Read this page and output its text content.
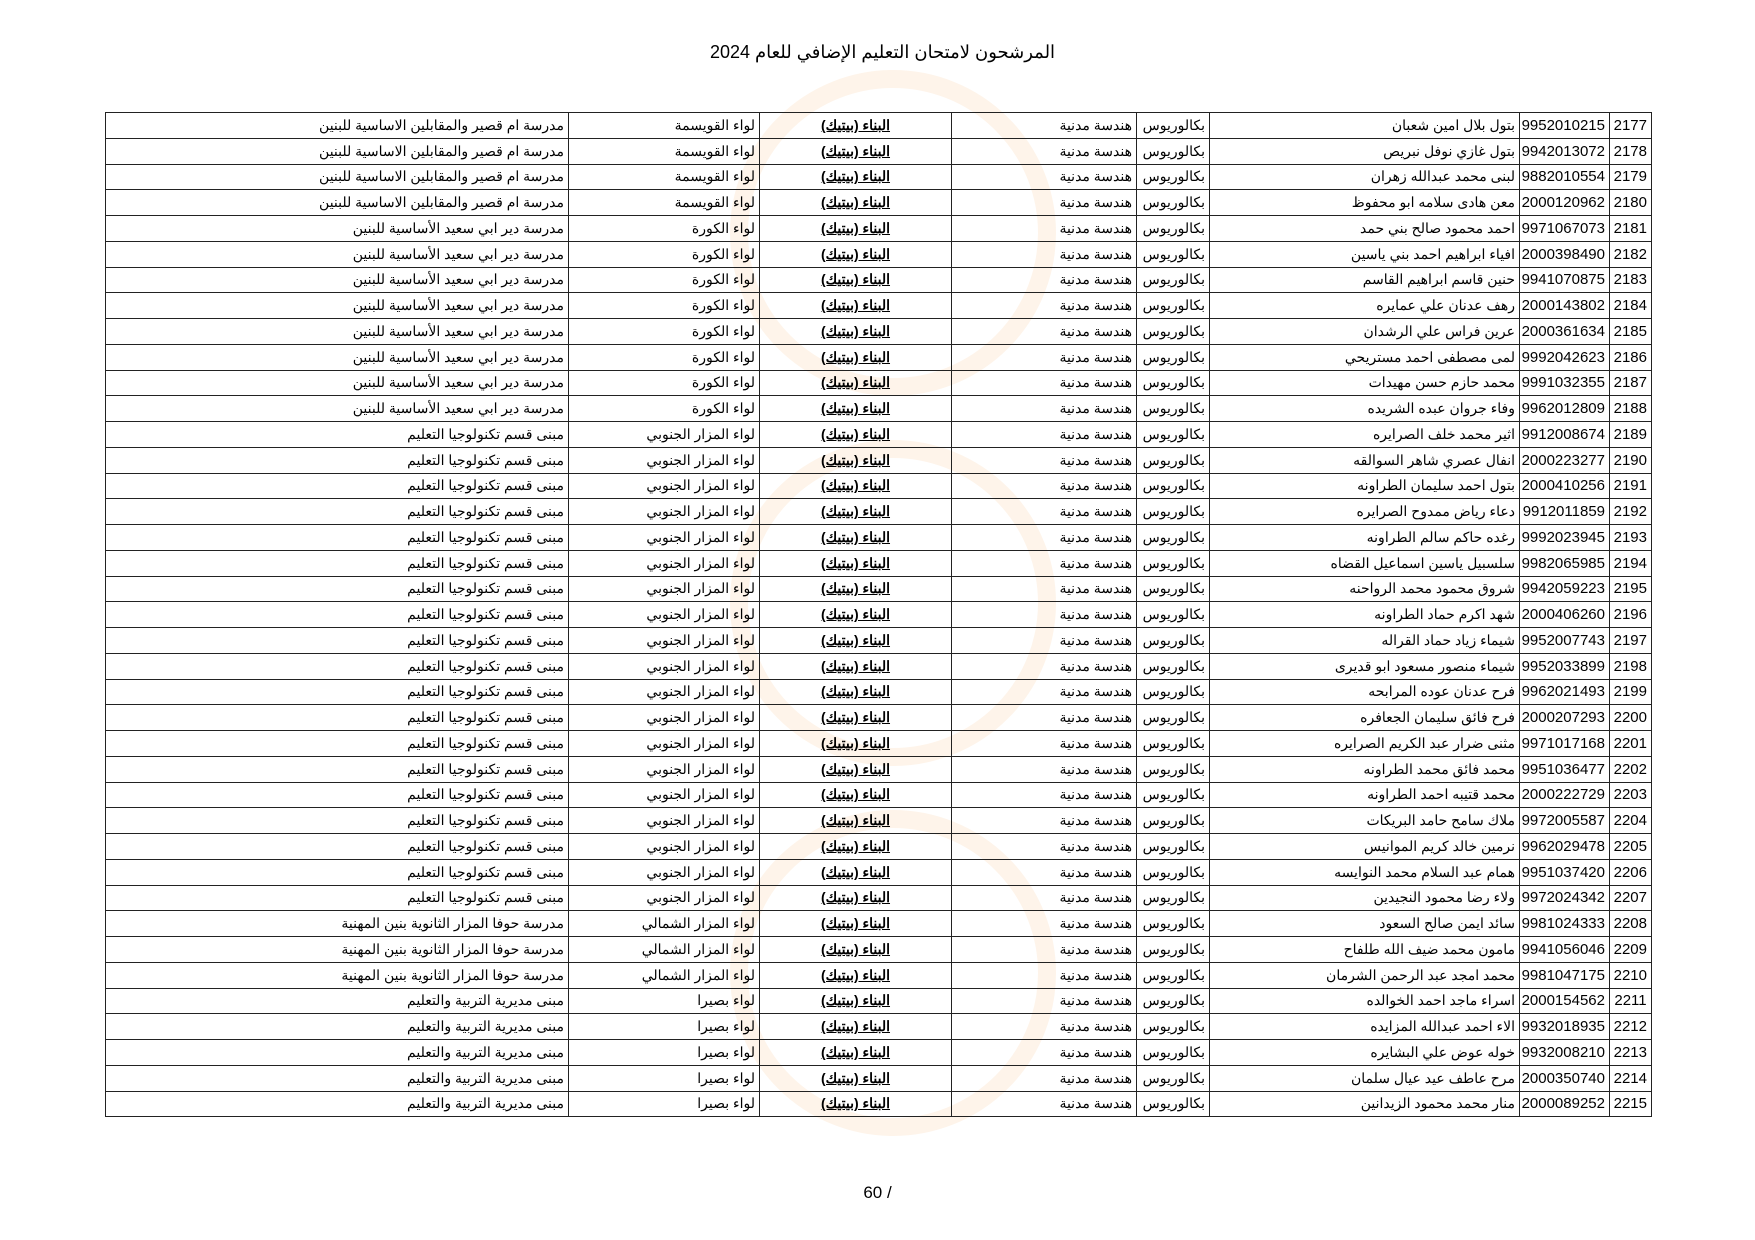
المرشحون لامتحان التعليم الإضافي للعام 2024
2177	9952010215	بتول بلال امين شعبان	بكالوريوس	هندسة مدنية	البناء (بيتيك)	لواء القويسمة	مدرسة ام قصير والمقابلين الاساسية للبنين
2178	9942013072	بتول غازي نوفل نبريص	بكالوريوس	هندسة مدنية	البناء (بيتيك)	لواء القويسمة	مدرسة ام قصير والمقابلين الاساسية للبنين
2179	9882010554	لبنى محمد عبدالله زهران	بكالوريوس	هندسة مدنية	البناء (بيتيك)	لواء القويسمة	مدرسة ام قصير والمقابلين الاساسية للبنين
2180	2000120962	معن هادى سلامه ابو محفوظ	بكالوريوس	هندسة مدنية	البناء (بيتيك)	لواء القويسمة	مدرسة ام قصير والمقابلين الاساسية للبنين
2181	9971067073	احمد محمود صالح بني حمد	بكالوريوس	هندسة مدنية	البناء (بيتيك)	لواء الكورة	مدرسة دير ابي سعيد الأساسية للبنين
2182	2000398490	افياء ابراهيم احمد بني ياسين	بكالوريوس	هندسة مدنية	البناء (بيتيك)	لواء الكورة	مدرسة دير ابي سعيد الأساسية للبنين
2183	9941070875	حنين قاسم ابراهيم القاسم	بكالوريوس	هندسة مدنية	البناء (بيتيك)	لواء الكورة	مدرسة دير ابي سعيد الأساسية للبنين
2184	2000143802	رهف عدنان علي عمايره	بكالوريوس	هندسة مدنية	البناء (بيتيك)	لواء الكورة	مدرسة دير ابي سعيد الأساسية للبنين
2185	2000361634	عرين فراس علي الرشدان	بكالوريوس	هندسة مدنية	البناء (بيتيك)	لواء الكورة	مدرسة دير ابي سعيد الأساسية للبنين
2186	9992042623	لمى مصطفى احمد مستريحي	بكالوريوس	هندسة مدنية	البناء (بيتيك)	لواء الكورة	مدرسة دير ابي سعيد الأساسية للبنين
2187	9991032355	محمد حازم حسن مهيدات	بكالوريوس	هندسة مدنية	البناء (بيتيك)	لواء الكورة	مدرسة دير ابي سعيد الأساسية للبنين
2188	9962012809	وفاء جروان عبده الشريده	بكالوريوس	هندسة مدنية	البناء (بيتيك)	لواء الكورة	مدرسة دير ابي سعيد الأساسية للبنين
2189	9912008674	اثير محمد خلف الصرايره	بكالوريوس	هندسة مدنية	البناء (بيتيك)	لواء المزار الجنوبي	مبنى قسم تكنولوجيا التعليم
2190	2000223277	انفال عصري شاهر السوالقه	بكالوريوس	هندسة مدنية	البناء (بيتيك)	لواء المزار الجنوبي	مبنى قسم تكنولوجيا التعليم
2191	2000410256	بتول احمد سليمان الطراونه	بكالوريوس	هندسة مدنية	البناء (بيتيك)	لواء المزار الجنوبي	مبنى قسم تكنولوجيا التعليم
2192	9912011859	دعاء رياض ممدوح الصرايره	بكالوريوس	هندسة مدنية	البناء (بيتيك)	لواء المزار الجنوبي	مبنى قسم تكنولوجيا التعليم
2193	9992023945	رغده حاكم سالم الطراونه	بكالوريوس	هندسة مدنية	البناء (بيتيك)	لواء المزار الجنوبي	مبنى قسم تكنولوجيا التعليم
2194	9982065985	سلسبيل ياسين اسماعيل القضاه	بكالوريوس	هندسة مدنية	البناء (بيتيك)	لواء المزار الجنوبي	مبنى قسم تكنولوجيا التعليم
2195	9942059223	شروق محمود محمد الرواحنه	بكالوريوس	هندسة مدنية	البناء (بيتيك)	لواء المزار الجنوبي	مبنى قسم تكنولوجيا التعليم
2196	2000406260	شهد اكرم حماد الطراونه	بكالوريوس	هندسة مدنية	البناء (بيتيك)	لواء المزار الجنوبي	مبنى قسم تكنولوجيا التعليم
2197	9952007743	شيماء زياد حماد القراله	بكالوريوس	هندسة مدنية	البناء (بيتيك)	لواء المزار الجنوبي	مبنى قسم تكنولوجيا التعليم
2198	9952033899	شيماء منصور مسعود ابو قديرى	بكالوريوس	هندسة مدنية	البناء (بيتيك)	لواء المزار الجنوبي	مبنى قسم تكنولوجيا التعليم
2199	9962021493	فرح عدنان عوده المرابحه	بكالوريوس	هندسة مدنية	البناء (بيتيك)	لواء المزار الجنوبي	مبنى قسم تكنولوجيا التعليم
2200	2000207293	فرح فائق سليمان الجعافره	بكالوريوس	هندسة مدنية	البناء (بيتيك)	لواء المزار الجنوبي	مبنى قسم تكنولوجيا التعليم
2201	9971017168	مثنى ضرار عبد الكريم الصرايره	بكالوريوس	هندسة مدنية	البناء (بيتيك)	لواء المزار الجنوبي	مبنى قسم تكنولوجيا التعليم
2202	9951036477	محمد فائق محمد الطراونه	بكالوريوس	هندسة مدنية	البناء (بيتيك)	لواء المزار الجنوبي	مبنى قسم تكنولوجيا التعليم
2203	2000222729	محمد قتيبه احمد الطراونه	بكالوريوس	هندسة مدنية	البناء (بيتيك)	لواء المزار الجنوبي	مبنى قسم تكنولوجيا التعليم
2204	9972005587	ملاك سامح حامد البريكات	بكالوريوس	هندسة مدنية	البناء (بيتيك)	لواء المزار الجنوبي	مبنى قسم تكنولوجيا التعليم
2205	9962029478	نرمين خالد كريم الموانيس	بكالوريوس	هندسة مدنية	البناء (بيتيك)	لواء المزار الجنوبي	مبنى قسم تكنولوجيا التعليم
2206	9951037420	همام عبد السلام محمد النوايسه	بكالوريوس	هندسة مدنية	البناء (بيتيك)	لواء المزار الجنوبي	مبنى قسم تكنولوجيا التعليم
2207	9972024342	ولاء رضا محمود النجيدين	بكالوريوس	هندسة مدنية	البناء (بيتيك)	لواء المزار الجنوبي	مبنى قسم تكنولوجيا التعليم
2208	9981024333	سائد ايمن صالح السعود	بكالوريوس	هندسة مدنية	البناء (بيتيك)	لواء المزار الشمالي	مدرسة حوفا المزار الثانوية بنين المهنية
2209	9941056046	مامون محمد ضيف الله طلفاح	بكالوريوس	هندسة مدنية	البناء (بيتيك)	لواء المزار الشمالي	مدرسة حوفا المزار الثانوية بنين المهنية
2210	9981047175	محمد امجد عبد الرحمن الشرمان	بكالوريوس	هندسة مدنية	البناء (بيتيك)	لواء المزار الشمالي	مدرسة حوفا المزار الثانوية بنين المهنية
2211	2000154562	اسراء ماجد احمد الخوالده	بكالوريوس	هندسة مدنية	البناء (بيتيك)	لواء بصيرا	مبنى مديرية التربية والتعليم
2212	9932018935	الاء احمد عبدالله المزايده	بكالوريوس	هندسة مدنية	البناء (بيتيك)	لواء بصيرا	مبنى مديرية التربية والتعليم
2213	9932008210	خوله عوض علي البشايره	بكالوريوس	هندسة مدنية	البناء (بيتيك)	لواء بصيرا	مبنى مديرية التربية والتعليم
2214	2000350740	مرح عاطف عيد عيال سلمان	بكالوريوس	هندسة مدنية	البناء (بيتيك)	لواء بصيرا	مبنى مديرية التربية والتعليم
2215	2000089252	منار محمد محمود الزيدانين	بكالوريوس	هندسة مدنية	البناء (بيتيك)	لواء بصيرا	مبنى مديرية التربية والتعليم
60 /
